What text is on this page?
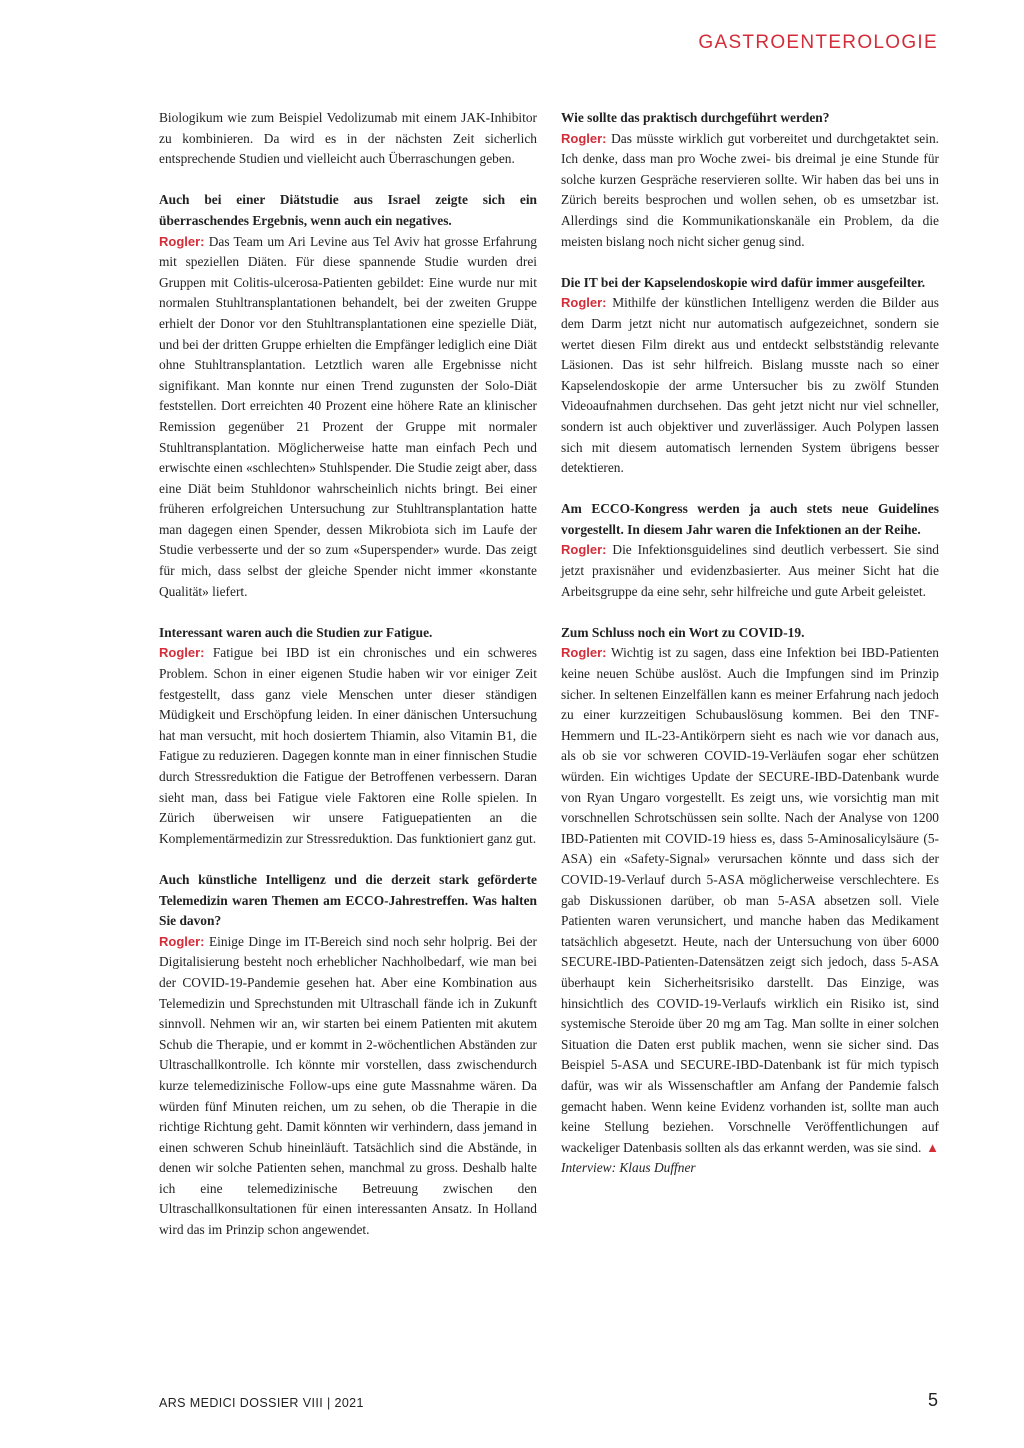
GASTROENTEROLOGIE

Biologikum wie zum Beispiel Vedolizumab mit einem JAK-Inhibitor zu kombinieren. Da wird es in der nächsten Zeit sicherlich entsprechende Studien und vielleicht auch Überraschungen geben.

Auch bei einer Diätstudie aus Israel zeigte sich ein überraschendes Ergebnis, wenn auch ein negatives.

Rogler: Das Team um Ari Levine aus Tel Aviv hat grosse Erfahrung mit speziellen Diäten. Für diese spannende Studie wurden drei Gruppen mit Colitis-ulcerosa-Patienten gebildet: Eine wurde nur mit normalen Stuhltransplantationen behandelt, bei der zweiten Gruppe erhielt der Donor vor den Stuhltransplantationen eine spezielle Diät, und bei der dritten Gruppe erhielten die Empfänger lediglich eine Diät ohne Stuhltransplantation. Letztlich waren alle Ergebnisse nicht signifikant. Man konnte nur einen Trend zugunsten der Solo-Diät feststellen. Dort erreichten 40 Prozent eine höhere Rate an klinischer Remission gegenüber 21 Prozent der Gruppe mit normaler Stuhltransplantation. Möglicherweise hatte man einfach Pech und erwischte einen «schlechten» Stuhlspender. Die Studie zeigt aber, dass eine Diät beim Stuhldonor wahrscheinlich nichts bringt. Bei einer früheren erfolgreichen Untersuchung zur Stuhltransplantation hatte man dagegen einen Spender, dessen Mikrobiota sich im Laufe der Studie verbesserte und der so zum «Superspender» wurde. Das zeigt für mich, dass selbst der gleiche Spender nicht immer «konstante Qualität» liefert.

Interessant waren auch die Studien zur Fatigue.

Rogler: Fatigue bei IBD ist ein chronisches und ein schweres Problem. Schon in einer eigenen Studie haben wir vor einiger Zeit festgestellt, dass ganz viele Menschen unter dieser ständigen Müdigkeit und Erschöpfung leiden. In einer dänischen Untersuchung hat man versucht, mit hoch dosiertem Thiamin, also Vitamin B1, die Fatigue zu reduzieren. Dagegen konnte man in einer finnischen Studie durch Stressreduktion die Fatigue der Betroffenen verbessern. Daran sieht man, dass bei Fatigue viele Faktoren eine Rolle spielen. In Zürich überweisen wir unsere Fatiguepatienten an die Komplementärmedizin zur Stressreduktion. Das funktioniert ganz gut.

Auch künstliche Intelligenz und die derzeit stark geförderte Telemedizin waren Themen am ECCO-Jahrestreffen. Was halten Sie davon?

Rogler: Einige Dinge im IT-Bereich sind noch sehr holprig. Bei der Digitalisierung besteht noch erheblicher Nachholbedarf, wie man bei der COVID-19-Pandemie gesehen hat. Aber eine Kombination aus Telemedizin und Sprechstunden mit Ultraschall fände ich in Zukunft sinnvoll. Nehmen wir an, wir starten bei einem Patienten mit akutem Schub die Therapie, und er kommt in 2-wöchentlichen Abständen zur Ultraschallkontrolle. Ich könnte mir vorstellen, dass zwischendurch kurze telemedizinische Follow-ups eine gute Massnahme wären. Da würden fünf Minuten reichen, um zu sehen, ob die Therapie in die richtige Richtung geht. Damit könnten wir verhindern, dass jemand in einen schweren Schub hineinläuft. Tatsächlich sind die Abstände, in denen wir solche Patienten sehen, manchmal zu gross. Deshalb halte ich eine telemedizinische Betreuung zwischen den Ultraschallkonsultationen für einen interessanten Ansatz. In Holland wird das im Prinzip schon angewendet.

Wie sollte das praktisch durchgeführt werden?

Rogler: Das müsste wirklich gut vorbereitet und durchgetaktet sein. Ich denke, dass man pro Woche zwei- bis dreimal je eine Stunde für solche kurzen Gespräche reservieren sollte. Wir haben das bei uns in Zürich bereits besprochen und wollen sehen, ob es umsetzbar ist. Allerdings sind die Kommunikationskanäle ein Problem, da die meisten bislang noch nicht sicher genug sind.

Die IT bei der Kapselendoskopie wird dafür immer ausgefeilter.

Rogler: Mithilfe der künstlichen Intelligenz werden die Bilder aus dem Darm jetzt nicht nur automatisch aufgezeichnet, sondern sie wertet diesen Film direkt aus und entdeckt selbstständig relevante Läsionen. Das ist sehr hilfreich. Bislang musste nach so einer Kapselendoskopie der arme Untersucher bis zu zwölf Stunden Videoaufnahmen durchsehen. Das geht jetzt nicht nur viel schneller, sondern ist auch objektiver und zuverlässiger. Auch Polypen lassen sich mit diesem automatisch lernenden System übrigens besser detektieren.

Am ECCO-Kongress werden ja auch stets neue Guidelines vorgestellt. In diesem Jahr waren die Infektionen an der Reihe.

Rogler: Die Infektionsguidelines sind deutlich verbessert. Sie sind jetzt praxisnäher und evidenzbasierter. Aus meiner Sicht hat die Arbeitsgruppe da eine sehr, sehr hilfreiche und gute Arbeit geleistet.

Zum Schluss noch ein Wort zu COVID-19.

Rogler: Wichtig ist zu sagen, dass eine Infektion bei IBD-Patienten keine neuen Schübe auslöst. Auch die Impfungen sind im Prinzip sicher. In seltenen Einzelfällen kann es meiner Erfahrung nach jedoch zu einer kurzzeitigen Schubauslösung kommen. Bei den TNF-Hemmern und IL-23-Antikörpern sieht es nach wie vor danach aus, als ob sie vor schweren COVID-19-Verläufen sogar eher schützen würden. Ein wichtiges Update der SECURE-IBD-Datenbank wurde von Ryan Ungaro vorgestellt. Es zeigt uns, wie vorsichtig man mit vorschnellen Schrotschüssen sein sollte. Nach der Analyse von 1200 IBD-Patienten mit COVID-19 hiess es, dass 5-Aminosalicylsäure (5-ASA) ein «Safety-Signal» verursachen könnte und dass sich der COVID-19-Verlauf durch 5-ASA möglicherweise verschlechtere. Es gab Diskussionen darüber, ob man 5-ASA absetzen soll. Viele Patienten waren verunsichert, und manche haben das Medikament tatsächlich abgesetzt. Heute, nach der Untersuchung von über 6000 SECURE-IBD-Patienten-Datensätzen zeigt sich jedoch, dass 5-ASA überhaupt kein Sicherheitsrisiko darstellt. Das Einzige, was hinsichtlich des COVID-19-Verlaufs wirklich ein Risiko ist, sind systemische Steroide über 20 mg am Tag. Man sollte in einer solchen Situation die Daten erst publik machen, wenn sie sicher sind. Das Beispiel 5-ASA und SECURE-IBD-Datenbank ist für mich typisch dafür, was wir als Wissenschaftler am Anfang der Pandemie falsch gemacht haben. Wenn keine Evidenz vorhanden ist, sollte man auch keine Stellung beziehen. Vorschnelle Veröffentlichungen auf wackeliger Datenbasis sollten als das erkannt werden, was sie sind. ▲

Interview: Klaus Duffner

ARS MEDICI DOSSIER VIII | 2021	5
